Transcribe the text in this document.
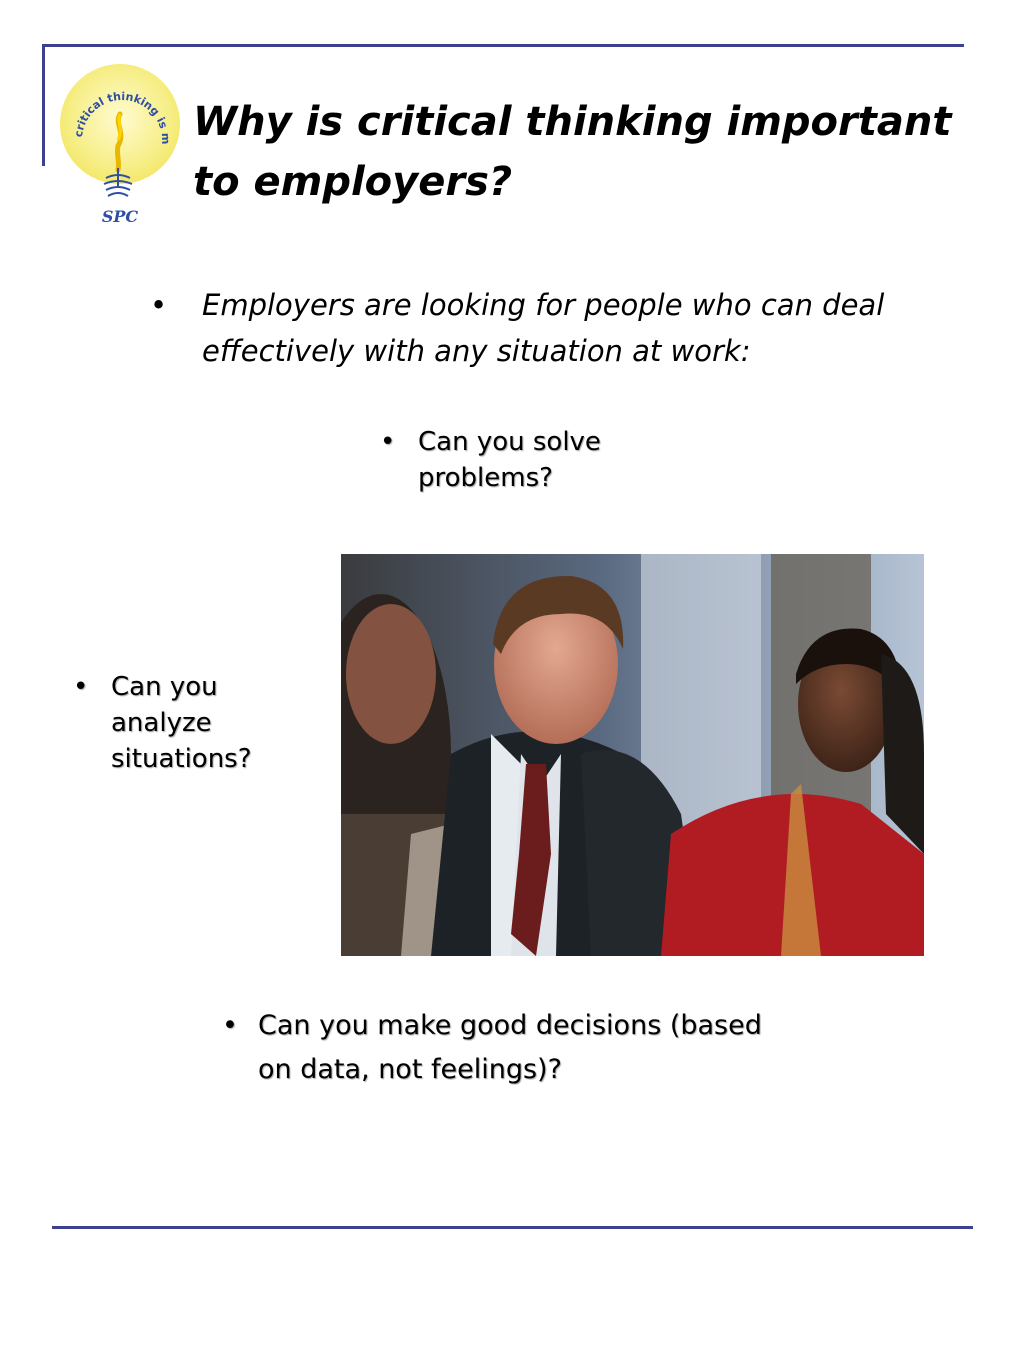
critical thinking is m
SPC
Why is critical thinking important to employers?
• Employers are looking for people who can deal effectively with any situation at work:
• Can you solve problems?
• Can you analyze situations?
• Can you make good decisions (based on data, not feelings)?
